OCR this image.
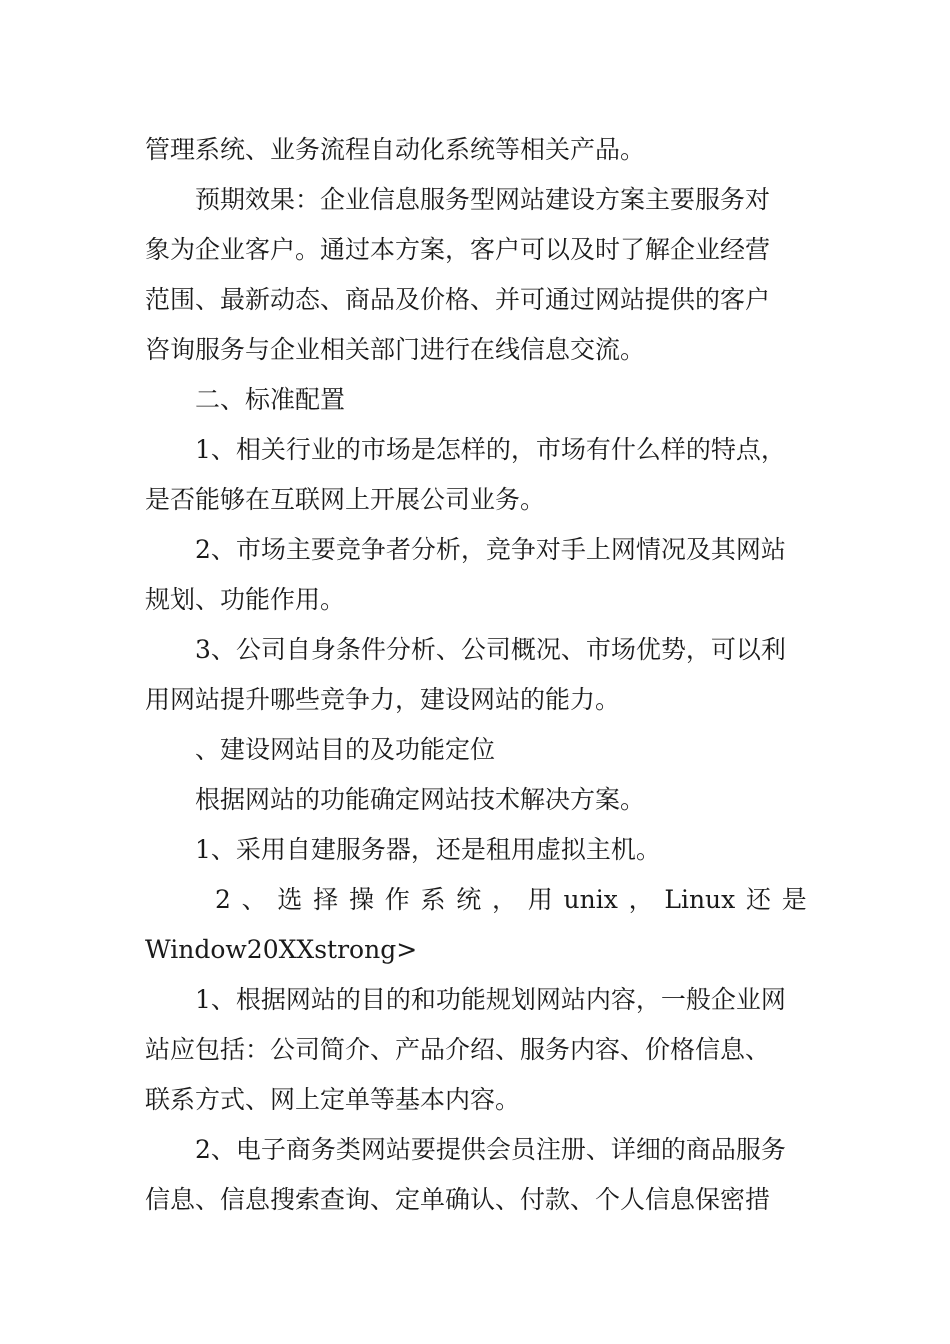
管理系统、业务流程自动化系统等相关产品。
预期效果：企业信息服务型网站建设方案主要服务对
象为企业客户。通过本方案，客户可以及时了解企业经营
范围、最新动态、商品及价格、并可通过网站提供的客户
咨询服务与企业相关部门进行在线信息交流。
二、标准配置
1、相关行业的市场是怎样的，市场有什么样的特点，
是否能够在互联网上开展公司业务。
2、市场主要竞争者分析，竞争对手上网情况及其网站
规划、功能作用。
3、公司自身条件分析、公司概况、市场优势，可以利
用网站提升哪些竞争力，建设网站的能力。
、建设网站目的及功能定位
根据网站的功能确定网站技术解决方案。
1、采用自建服务器，还是租用虚拟主机。
2 、 选 择 操 作 系 统 ， 用 unix ， Linux 还 是
Window20XXstrong>
1、根据网站的目的和功能规划网站内容，一般企业网
站应包括：公司简介、产品介绍、服务内容、价格信息、
联系方式、网上定单等基本内容。
2、电子商务类网站要提供会员注册、详细的商品服务
信息、信息搜索查询、定单确认、付款、个人信息保密措
